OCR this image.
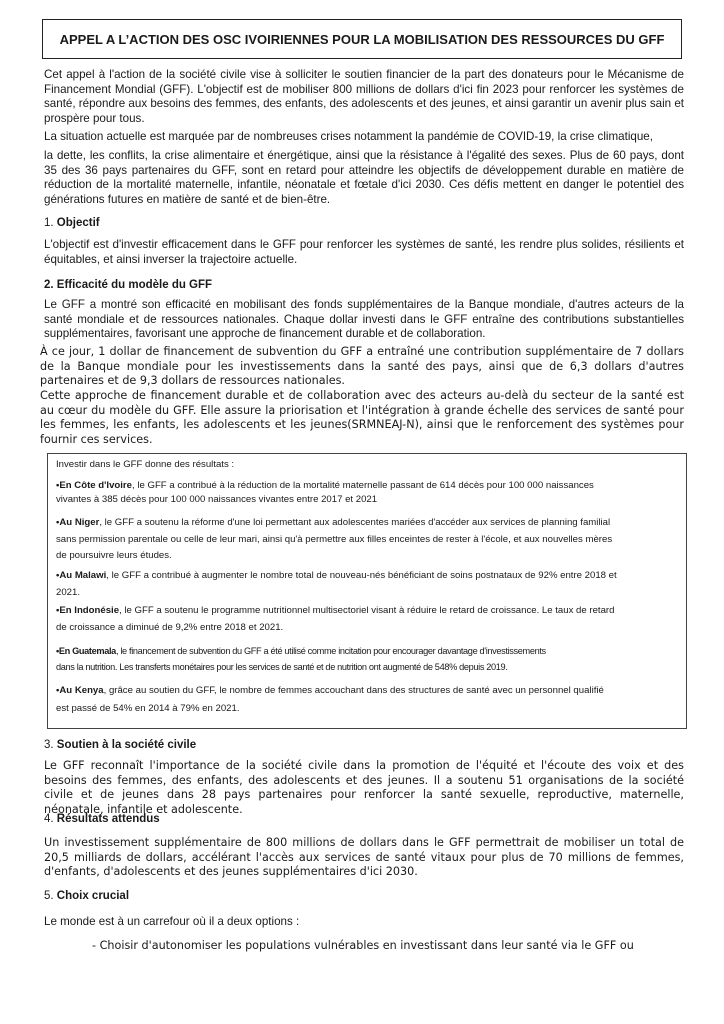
APPEL A L’ACTION DES OSC IVOIRIENNES POUR LA MOBILISATION DES RESSOURCES DU GFF

Cet appel à l'action de la société civile vise à solliciter le soutien financier de la part des donateurs pour le Mécanisme de Financement Mondial (GFF). L'objectif est de mobiliser 800 millions de dollars d'ici fin 2023 pour renforcer les systèmes de santé, répondre aux besoins des femmes, des enfants, des adolescents et des jeunes, et ainsi garantir un avenir plus sain et prospère pour tous.

La situation actuelle est marquée par de nombreuses crises notamment la pandémie de COVID-19, la crise climatique,

la dette, les conflits, la crise alimentaire et énergétique, ainsi que la résistance à l'égalité des sexes. Plus de 60 pays, dont 35 des 36 pays partenaires du GFF, sont en retard pour atteindre les objectifs de développement durable en matière de réduction de la mortalité maternelle, infantile, néonatale et fœtale d'ici 2030. Ces défis mettent en danger le potentiel des générations futures en matière de santé et de bien-être.

1. Objectif

L'objectif est d'investir efficacement dans le GFF pour renforcer les systèmes de santé, les rendre plus solides, résilients et équitables, et ainsi inverser la trajectoire actuelle.

2. Efficacité du modèle du GFF

Le GFF a montré son efficacité en mobilisant des fonds supplémentaires de la Banque mondiale, d'autres acteurs de la santé mondiale et de ressources nationales. Chaque dollar investi dans le GFF entraîne des contributions substantielles supplémentaires, favorisant une approche de financement durable et de collaboration.

À ce jour, 1 dollar de financement de subvention du GFF a entraîné une contribution supplémentaire de 7 dollars de la Banque mondiale pour les investissements dans la santé des pays, ainsi que de 6,3 dollars d'autres partenaires et de 9,3 dollars de ressources nationales.

Cette approche de financement durable et de collaboration avec des acteurs au-delà du secteur de la santé est au cœur du modèle du GFF. Elle assure la priorisation et l'intégration à grande échelle des services de santé pour les femmes, les enfants, les adolescents et les jeunes(SRMNEAJ-N), ainsi que le renforcement des systèmes pour fournir ces services.

Investir dans le GFF donne des résultats :

•En Côte d'Ivoire, le GFF a contribué à la réduction de la mortalité maternelle passant de 614 décès pour 100 000 naissances

vivantes à 385 décès pour 100 000 naissances vivantes entre 2017 et 2021

•Au Niger, le GFF a soutenu la réforme d'une loi permettant aux adolescentes mariées d'accéder aux services de planning familial

sans permission parentale ou celle de leur mari, ainsi qu'à permettre aux filles enceintes de rester à l'école, et aux nouvelles mères

de poursuivre leurs études.

•Au Malawi, le GFF a contribué à augmenter le nombre total de nouveau-nés bénéficiant de soins postnataux de 92% entre 2018 et

2021.

•En Indonésie, le GFF a soutenu le programme nutritionnel multisectoriel visant à réduire le retard de croissance. Le taux de retard

de croissance a diminué de 9,2% entre 2018 et 2021.

•En Guatemala, le financement de subvention du GFF a été utilisé comme incitation pour encourager davantage d'investissements

dans la nutrition. Les transferts monétaires pour les services de santé et de nutrition ont augmenté de 548% depuis 2019.

•Au Kenya, grâce au soutien du GFF, le nombre de femmes accouchant dans des structures de santé avec un personnel qualifié

est passé de 54% en 2014 à 79% en 2021.

3. Soutien à la société civile

Le GFF reconnaît l'importance de la société civile dans la promotion de l'équité et l'écoute des voix et des besoins des femmes, des enfants, des adolescents et des jeunes. Il a soutenu 51 organisations de la société civile et de jeunes dans 28 pays partenaires pour renforcer la santé sexuelle, reproductive, maternelle, néonatale, infantile et adolescente.

4. Résultats attendus

Un investissement supplémentaire de 800 millions de dollars dans le GFF permettrait de mobiliser un total de 20,5 milliards de dollars, accélérant l'accès aux services de santé vitaux pour plus de 70 millions de femmes, d'enfants, d'adolescents et des jeunes supplémentaires d'ici 2030.

5. Choix crucial

Le monde est à un carrefour où il a deux options :

- Choisir d'autonomiser les populations vulnérables en investissant dans leur santé via le GFF ou
